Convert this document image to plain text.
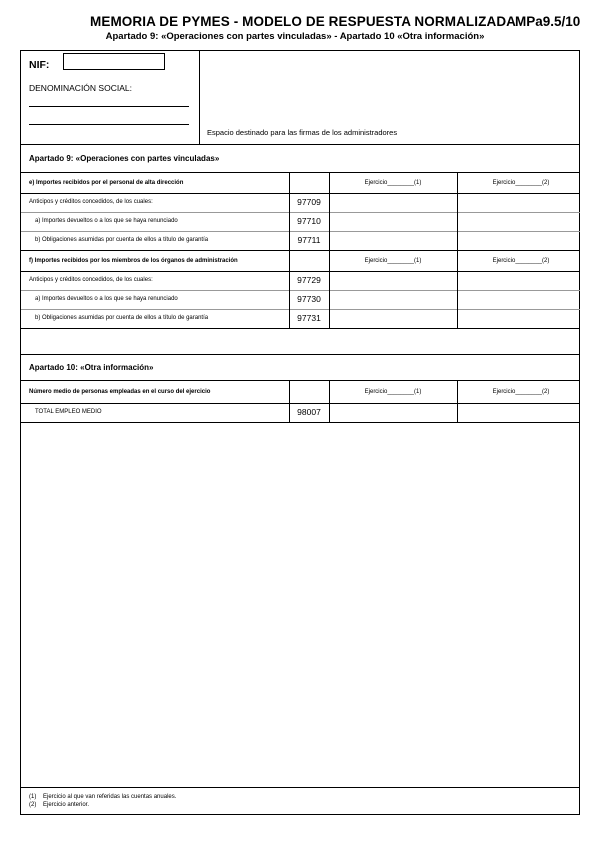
MEMORIA DE PYMES - MODELO DE RESPUESTA NORMALIZADA
MPa9.5/10
Apartado 9: «Operaciones con partes vinculadas» - Apartado 10 «Otra información»
NIF:
DENOMINACIÓN SOCIAL:
Espacio destinado para las firmas de los administradores
Apartado 9: «Operaciones con partes vinculadas»
e) Importes recibidos por el personal de alta dirección	Ejercicio________(1)	Ejercicio________(2)
Anticipos y créditos concedidos, de los cuales:	97709
a) Importes devueltos o a los que se haya renunciado	97710
b) Obligaciones asumidas por cuenta de ellos a título de garantía	97711
f) Importes recibidos por los miembros de los órganos de administración	Ejercicio________(1)	Ejercicio________(2)
Anticipos y créditos concedidos, de los cuales:	97729
a) Importes devueltos o a los que se haya renunciado	97730
b) Obligaciones asumidas por cuenta de ellos a título de garantía	97731
Apartado 10: «Otra información»
Número medio de personas empleadas en el curso del ejercicio	Ejercicio________(1)	Ejercicio________(2)
TOTAL EMPLEO MEDIO	98007
(1) Ejercicio al que van referidas las cuentas anuales.
(2) Ejercicio anterior.
